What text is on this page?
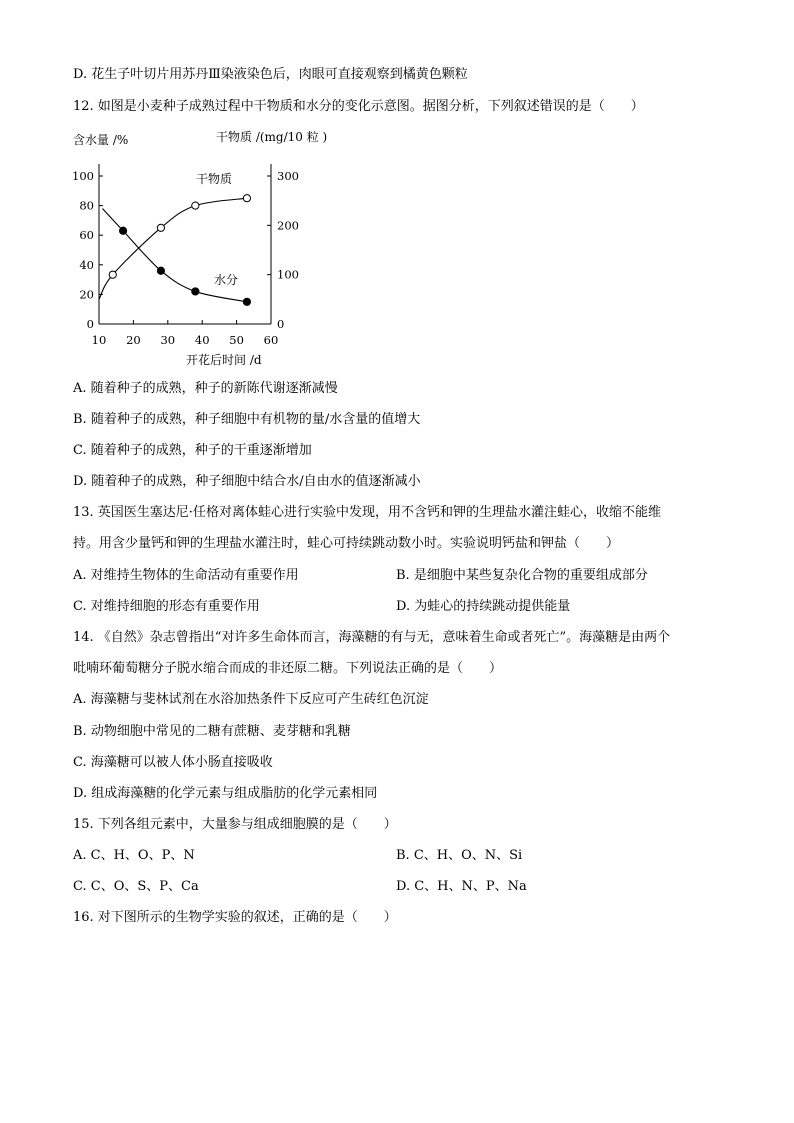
D. 花生子叶切片用苏丹Ⅲ染液染色后，肉眼可直接观察到橘黄色颗粒
12. 如图是小麦种子成熟过程中干物质和水分的变化示意图。据图分析，下列叙述错误的是（　　）
含水量 /%	干物质 /(mg/10 粒 )
开花后时间 /d
干物质
水分
10 20 30 40 50 60
0
20
40
60
80
100
0
100
200
300
A. 随着种子的成熟，种子的新陈代谢逐渐减慢
B. 随着种子的成熟，种子细胞中有机物的量/水含量的值增大
C. 随着种子的成熟，种子的干重逐渐增加
D. 随着种子的成熟，种子细胞中结合水/自由水的值逐渐减小
13. 英国医生塞达尼·任格对离体蛙心进行实验中发现，用不含钙和钾的生理盐水灌注蛙心，收缩不能维
持。用含少量钙和钾的生理盐水灌注时，蛙心可持续跳动数小时。实验说明钙盐和钾盐（　　）
A. 对维持生物体的生命活动有重要作用	B. 是细胞中某些复杂化合物的重要组成部分
C. 对维持细胞的形态有重要作用	D. 为蛙心的持续跳动提供能量
14. 《自然》杂志曾指出“对许多生命体而言，海藻糖的有与无，意味着生命或者死亡”。海藻糖是由两个
吡喃环葡萄糖分子脱水缩合而成的非还原二糖。下列说法正确的是（　　）
A. 海藻糖与斐林试剂在水浴加热条件下反应可产生砖红色沉淀
B. 动物细胞中常见的二糖有蔗糖、麦芽糖和乳糖
C. 海藻糖可以被人体小肠直接吸收
D. 组成海藻糖的化学元素与组成脂肪的化学元素相同
15. 下列各组元素中，大量参与组成细胞膜的是（　　）
A. C、H、O、P、N	B. C、H、O、N、Si
C. C、O、S、P、Ca	D. C、H、N、P、Na
16. 对下图所示的生物学实验的叙述，正确的是（　　）
